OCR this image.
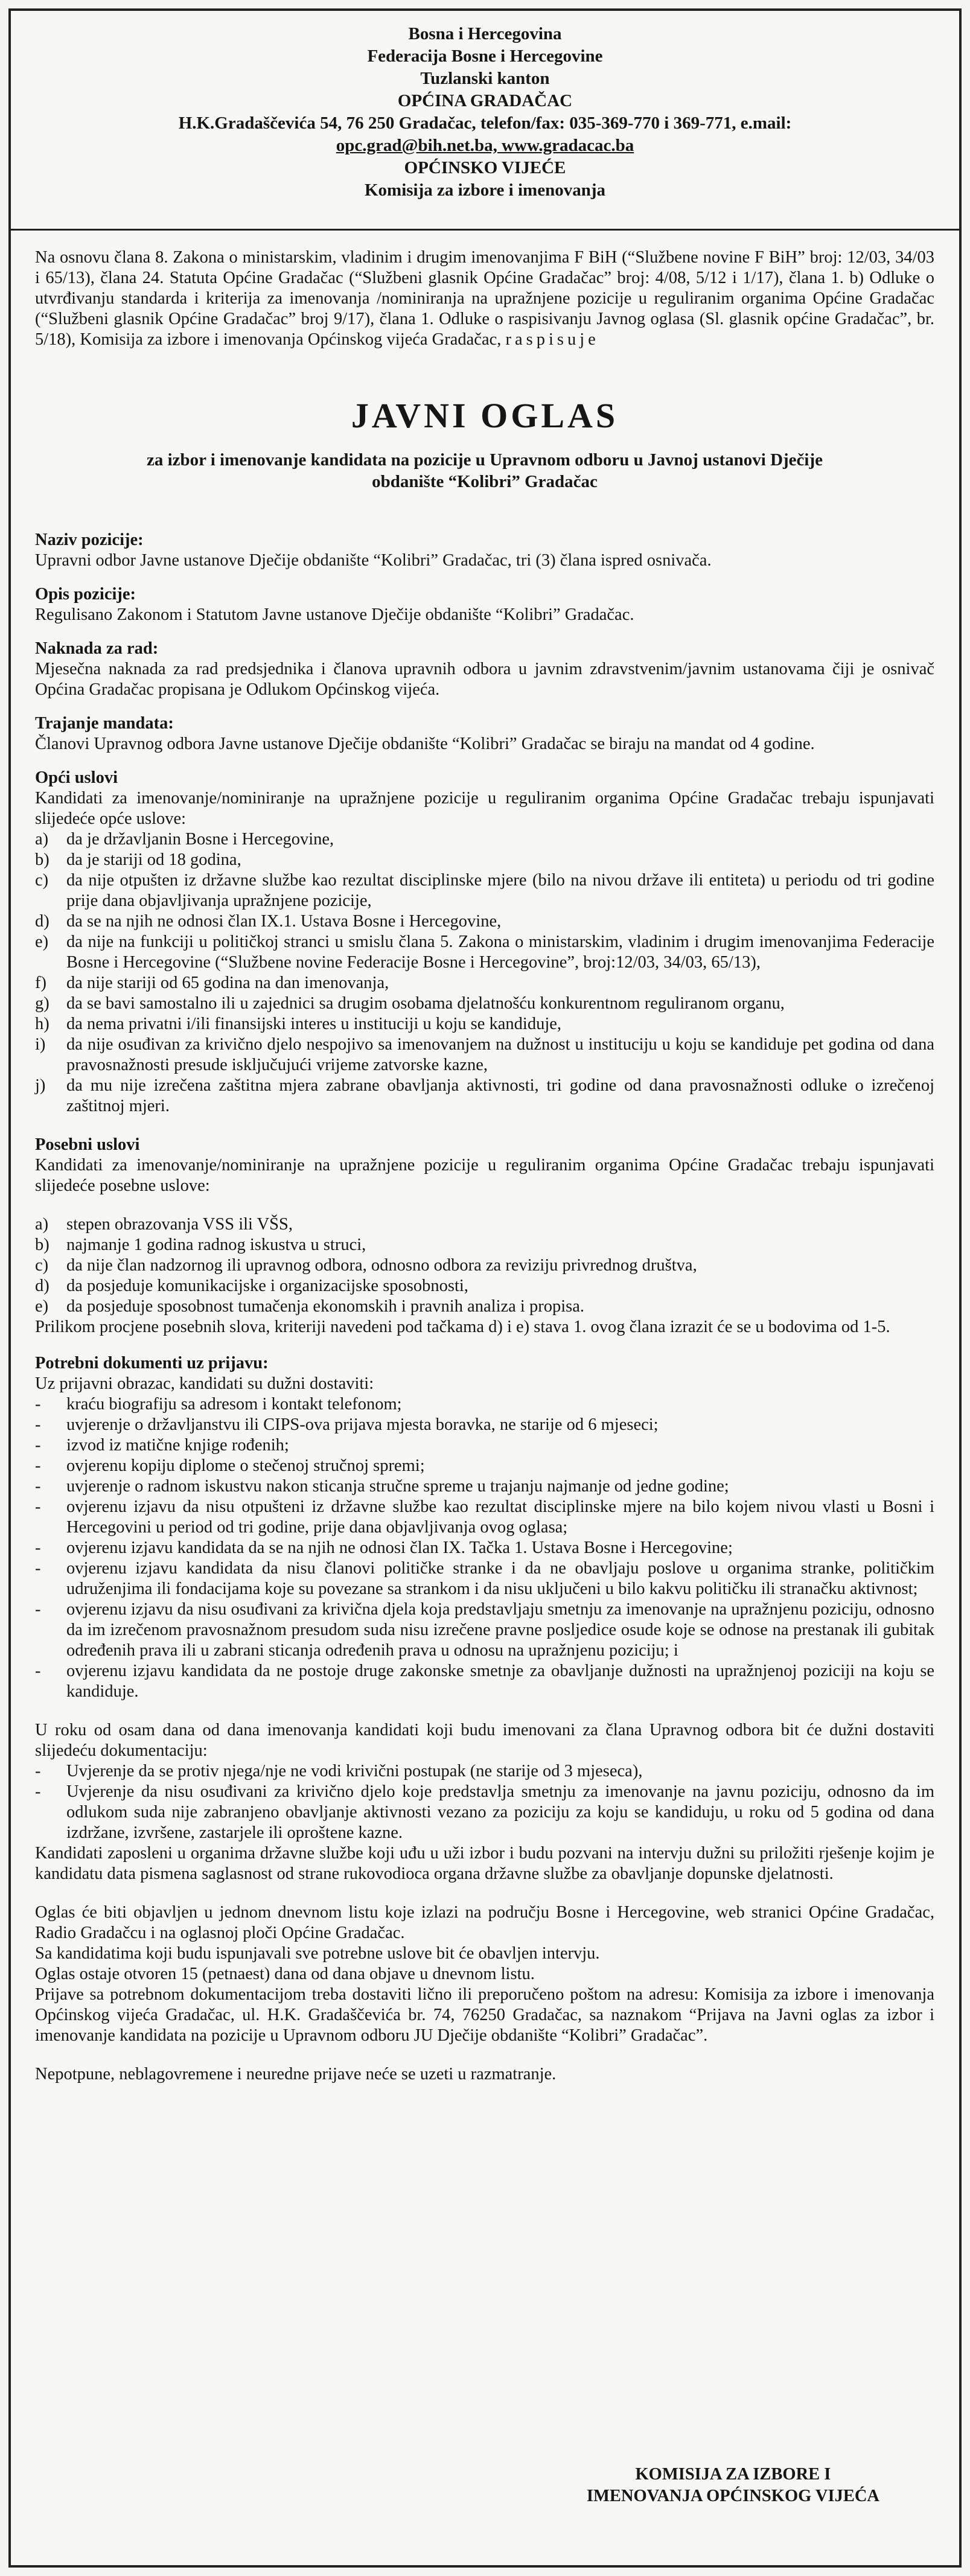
Bosna i Hercegovina
Federacija Bosne i Hercegovine
Tuzlanski kanton
OPĆINA GRADAČAC
H.K.Gradaščevića 54, 76 250 Gradačac, telefon/fax: 035-369-770 i 369-771, e.mail:
opc.grad@bih.net.ba, www.gradacac.ba
OPĆINSKO VIJEĆE
Komisija za izbore i imenovanja

Na osnovu člana 8. Zakona o ministarskim, vladinim i drugim imenovanjima F BiH (“Službene novine F BiH” broj: 12/03, 34/03 i 65/13), člana 24. Statuta Općine Gradačac (“Službeni glasnik Općine Gradačac” broj: 4/08, 5/12 i 1/17), člana 1. b) Odluke o utvrđivanju standarda i kriterija za imenovanja /nominiranja na upražnjene pozicije u reguliranim organima Općine Gradačac (“Službeni glasnik Općine Gradačac” broj 9/17), člana 1. Odluke o raspisivanju Javnog oglasa (Sl. glasnik općine Gradačac”, br. 5/18), Komisija za izbore i imenovanja Općinskog vijeća Gradačac, raspisuje

JAVNI OGLAS
za izbor i imenovanje kandidata na pozicije u Upravnom odboru u Javnoj ustanovi Dječije
obdanište “Kolibri” Gradačac
Naziv pozicije:

Upravni odbor Javne ustanove Dječije obdanište “Kolibri” Gradačac, tri (3) člana ispred osnivača.

Opis pozicije:

Regulisano Zakonom i Statutom Javne ustanove Dječije obdanište “Kolibri” Gradačac.

Naknada za rad:

Mjesečna naknada za rad predsjednika i članova upravnih odbora u javnim zdravstvenim/javnim ustanovama čiji je osnivač Općina Gradačac propisana je Odlukom Općinskog vijeća.

Trajanje mandata:

Članovi Upravnog odbora Javne ustanove Dječije obdanište “Kolibri” Gradačac se biraju na mandat od 4 godine.

Opći uslovi

Kandidati za imenovanje/nominiranje na upražnjene pozicije u reguliranim organima Općine Gradačac trebaju ispunjavati slijedeće opće uslove:

a) da je državljanin Bosne i Hercegovine,
b) da je stariji od 18 godina,
c) da nije otpušten iz državne službe kao rezultat disciplinske mjere (bilo na nivou države ili entiteta) u periodu od tri godine prije dana objavljivanja upražnjene pozicije,
d) da se na njih ne odnosi član IX.1. Ustava Bosne i Hercegovine,
e) da nije na funkciji u političkoj stranci u smislu člana 5. Zakona o ministarskim, vladinim i drugim imenovanjima Federacije Bosne i Hercegovine (“Službene novine Federacije Bosne i Hercegovine”, broj:12/03, 34/03, 65/13),
f) da nije stariji od 65 godina na dan imenovanja,
g) da se bavi samostalno ili u zajednici sa drugim osobama djelatnošću konkurentnom reguliranom organu,
h) da nema privatni i/ili finansijski interes u instituciji u koju se kandiduje,
i) da nije osuđivan za krivično djelo nespojivo sa imenovanjem na dužnost u instituciju u koju se kandiduje pet godina od dana pravosnažnosti presude isključujući vrijeme zatvorske kazne,
j) da mu nije izrečena zaštitna mjera zabrane obavljanja aktivnosti, tri godine od dana pravosnažnosti odluke o izrečenoj zaštitnoj mjeri.
Posebni uslovi

Kandidati za imenovanje/nominiranje na upražnjene pozicije u reguliranim organima Općine Gradačac trebaju ispunjavati slijedeće posebne uslove:

a) stepen obrazovanja VSS ili VŠS,
b) najmanje 1 godina radnog iskustva u struci,
c) da nije član nadzornog ili upravnog odbora, odnosno odbora za reviziju privrednog društva,
d) da posjeduje komunikacijske i organizacijske sposobnosti,
e) da posjeduje sposobnost tumačenja ekonomskih i pravnih analiza i propisa.

Prilikom procjene posebnih slova, kriteriji navedeni pod tačkama d) i e) stava 1. ovog člana izrazit će se u bodovima od 1-5.

Potrebni dokumenti uz prijavu:

Uz prijavni obrazac, kandidati su dužni dostaviti:

- kraću biografiju sa adresom i kontakt telefonom;
- uvjerenje o državljanstvu ili CIPS-ova prijava mjesta boravka, ne starije od 6 mjeseci;
- izvod iz matične knjige rođenih;
- ovjerenu kopiju diplome o stečenoj stručnoj spremi;
- uvjerenje o radnom iskustvu nakon sticanja stručne spreme u trajanju najmanje od jedne godine;
- ovjerenu izjavu da nisu otpušteni iz državne službe kao rezultat disciplinske mjere na bilo kojem nivou vlasti u Bosni i Hercegovini u period od tri godine, prije dana objavljivanja ovog oglasa;
- ovjerenu izjavu kandidata da se na njih ne odnosi član IX. Tačka 1. Ustava Bosne i Hercegovine;
- ovjerenu izjavu kandidata da nisu članovi političke stranke i da ne obavljaju poslove u organima stranke, političkim udruženjima ili fondacijama koje su povezane sa strankom i da nisu uključeni u bilo kakvu političku ili stranačku aktivnost;
- ovjerenu izjavu da nisu osuđivani za krivična djela koja predstavljaju smetnju za imenovanje na upražnjenu poziciju, odnosno da im izrečenom pravosnažnom presudom suda nisu izrečene pravne posljedice osude koje se odnose na prestanak ili gubitak određenih prava ili u zabrani sticanja određenih prava u odnosu na upražnjenu poziciju; i
- ovjerenu izjavu kandidata da ne postoje druge zakonske smetnje za obavljanje dužnosti na upražnjenoj poziciji na koju se kandiduje.

U roku od osam dana od dana imenovanja kandidati koji budu imenovani za člana Upravnog odbora bit će dužni dostaviti slijedeću dokumentaciju:

- Uvjerenje da se protiv njega/nje ne vodi krivični postupak (ne starije od 3 mjeseca),
- Uvjerenje da nisu osuđivani za krivično djelo koje predstavlja smetnju za imenovanje na javnu poziciju, odnosno da im odlukom suda nije zabranjeno obavljanje aktivnosti vezano za poziciju za koju se kandiduju, u roku od 5 godina od dana izdržane, izvršene, zastarjele ili oproštene kazne.

Kandidati zaposleni u organima državne službe koji uđu u uži izbor i budu pozvani na intervju dužni su priložiti rješenje kojim je kandidatu data pismena saglasnost od strane rukovodioca organa državne službe za obavljanje dopunske djelatnosti.

Oglas će biti objavljen u jednom dnevnom listu koje izlazi na području Bosne i Hercegovine, web stranici Općine Gradačac, Radio Gradačcu i na oglasnoj ploči Općine Gradačac.

Sa kandidatima koji budu ispunjavali sve potrebne uslove bit će obavljen intervju.

Oglas ostaje otvoren 15 (petnaest) dana od dana objave u dnevnom listu.

Prijave sa potrebnom dokumentacijom treba dostaviti lično ili preporučeno poštom na adresu: Komisija za izbore i imenovanja Općinskog vijeća Gradačac, ul. H.K. Gradaščevića br. 74, 76250 Gradačac, sa naznakom “Prijava na Javni oglas za izbor i imenovanje kandidata na pozicije u Upravnom odboru JU Dječije obdanište “Kolibri” Gradačac”.

Nepotpune, neblagovremene i neuredne prijave neće se uzeti u razmatranje.

KOMISIJA ZA IZBORE I
IMENOVANJA OPĆINSKOG VIJEĆA
